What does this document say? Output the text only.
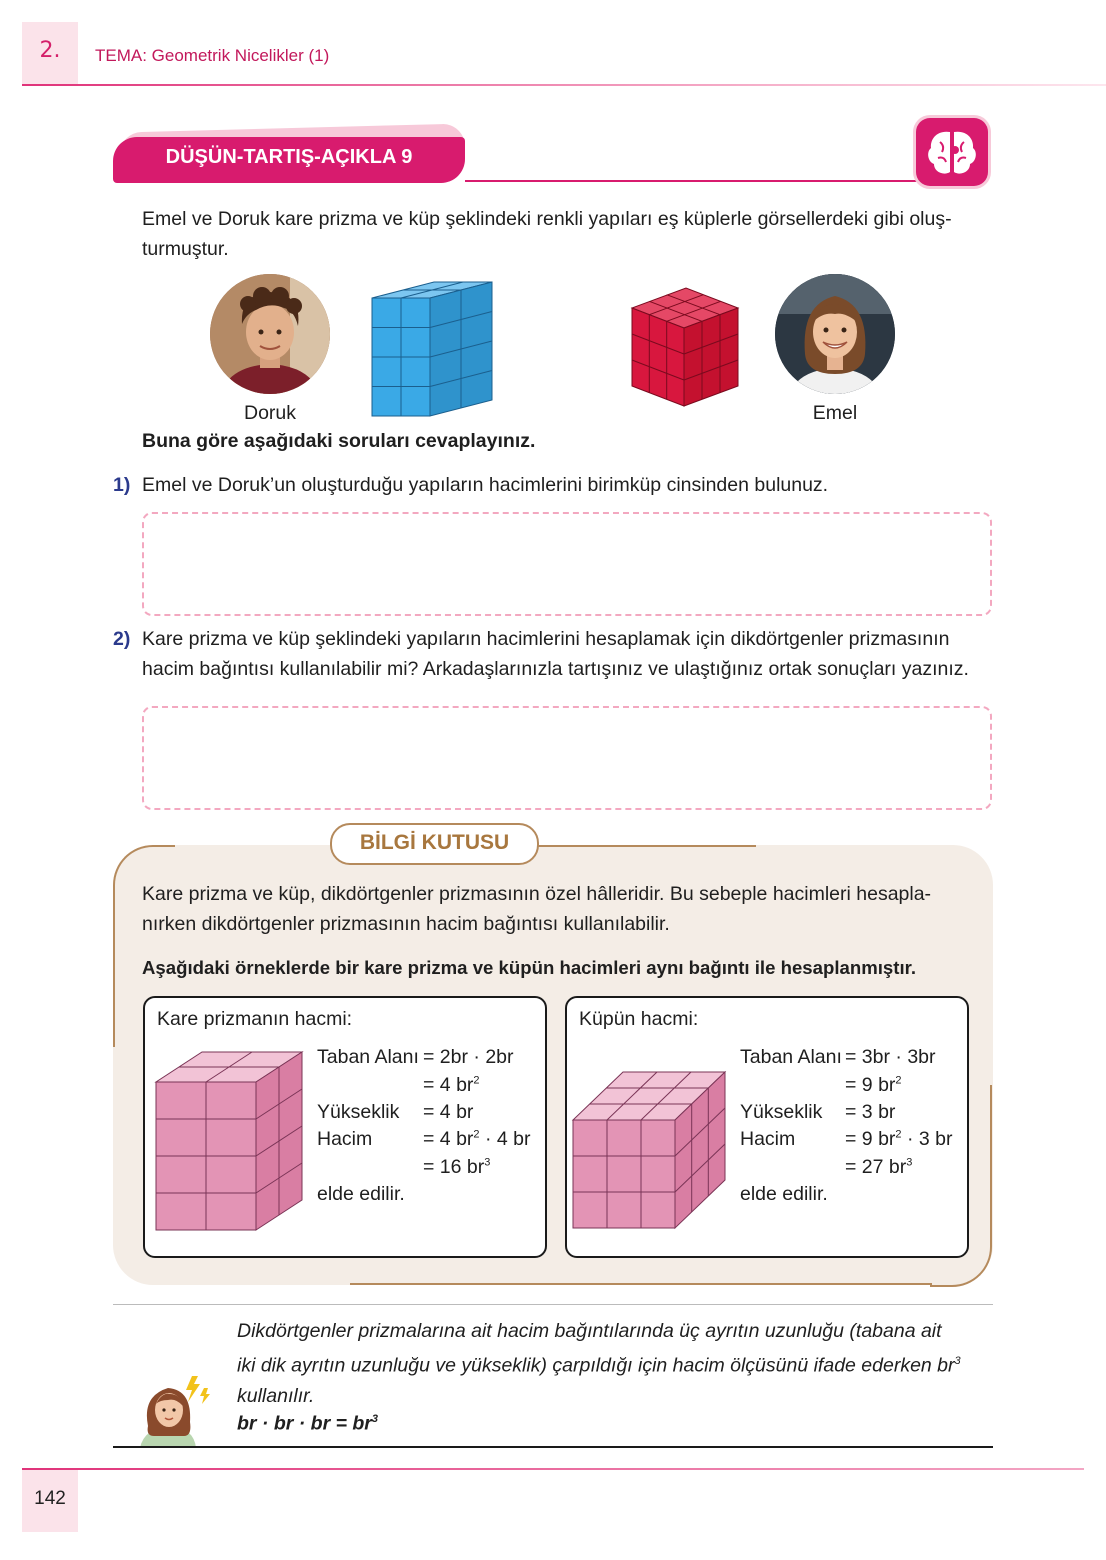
2.	TEMA: Geometrik Nicelikler (1)
DÜŞÜN-TARTIŞ-AÇIKLA 9
Emel ve Doruk kare prizma ve küp şeklindeki renkli yapıları eş küplerle görsellerdeki gibi oluş-
turmuştur.
Doruk	Emel
Buna göre aşağıdaki soruları cevaplayınız.
1) Emel ve Doruk’un oluşturduğu yapıların hacimlerini birimküp cinsinden bulunuz.
2) Kare prizma ve küp şeklindeki yapıların hacimlerini hesaplamak için dikdörtgenler prizmasının
hacim bağıntısı kullanılabilir mi? Arkadaşlarınızla tartışınız ve ulaştığınız ortak sonuçları yazınız.
BİLGİ KUTUSU
Kare prizma ve küp, dikdörtgenler prizmasının özel hâlleridir. Bu sebeple hacimleri hesapla-
nırken dikdörtgenler prizmasının hacim bağıntısı kullanılabilir.
Aşağıdaki örneklerde bir kare prizma ve küpün hacimleri aynı bağıntı ile hesaplanmıştır.
Kare prizmanın hacmi:
Taban Alanı = 2br · 2br
= 4 $br^2$
Yükseklik = 4 br
Hacim	= 4 $br^2 \cdot 4$ br
= 16 $br^3$
elde edilir.
Küpün hacmi:
Taban Alanı = 3br · 3br
= 9 $br^2$
Yükseklik = 3 br
Hacim	= 9 $br^2 \cdot 3$ br
= 27 $br^3$
elde edilir.
Dikdörtgenler prizmalarına ait hacim bağıntılarında üç ayrıtın uzunluğu (tabana ait
iki dik ayrıtın uzunluğu ve yükseklik) çarpıldığı için hacim ölçüsünü ifade ederken $br^3$
kullanılır.
br · br · br = $br^3$
142
